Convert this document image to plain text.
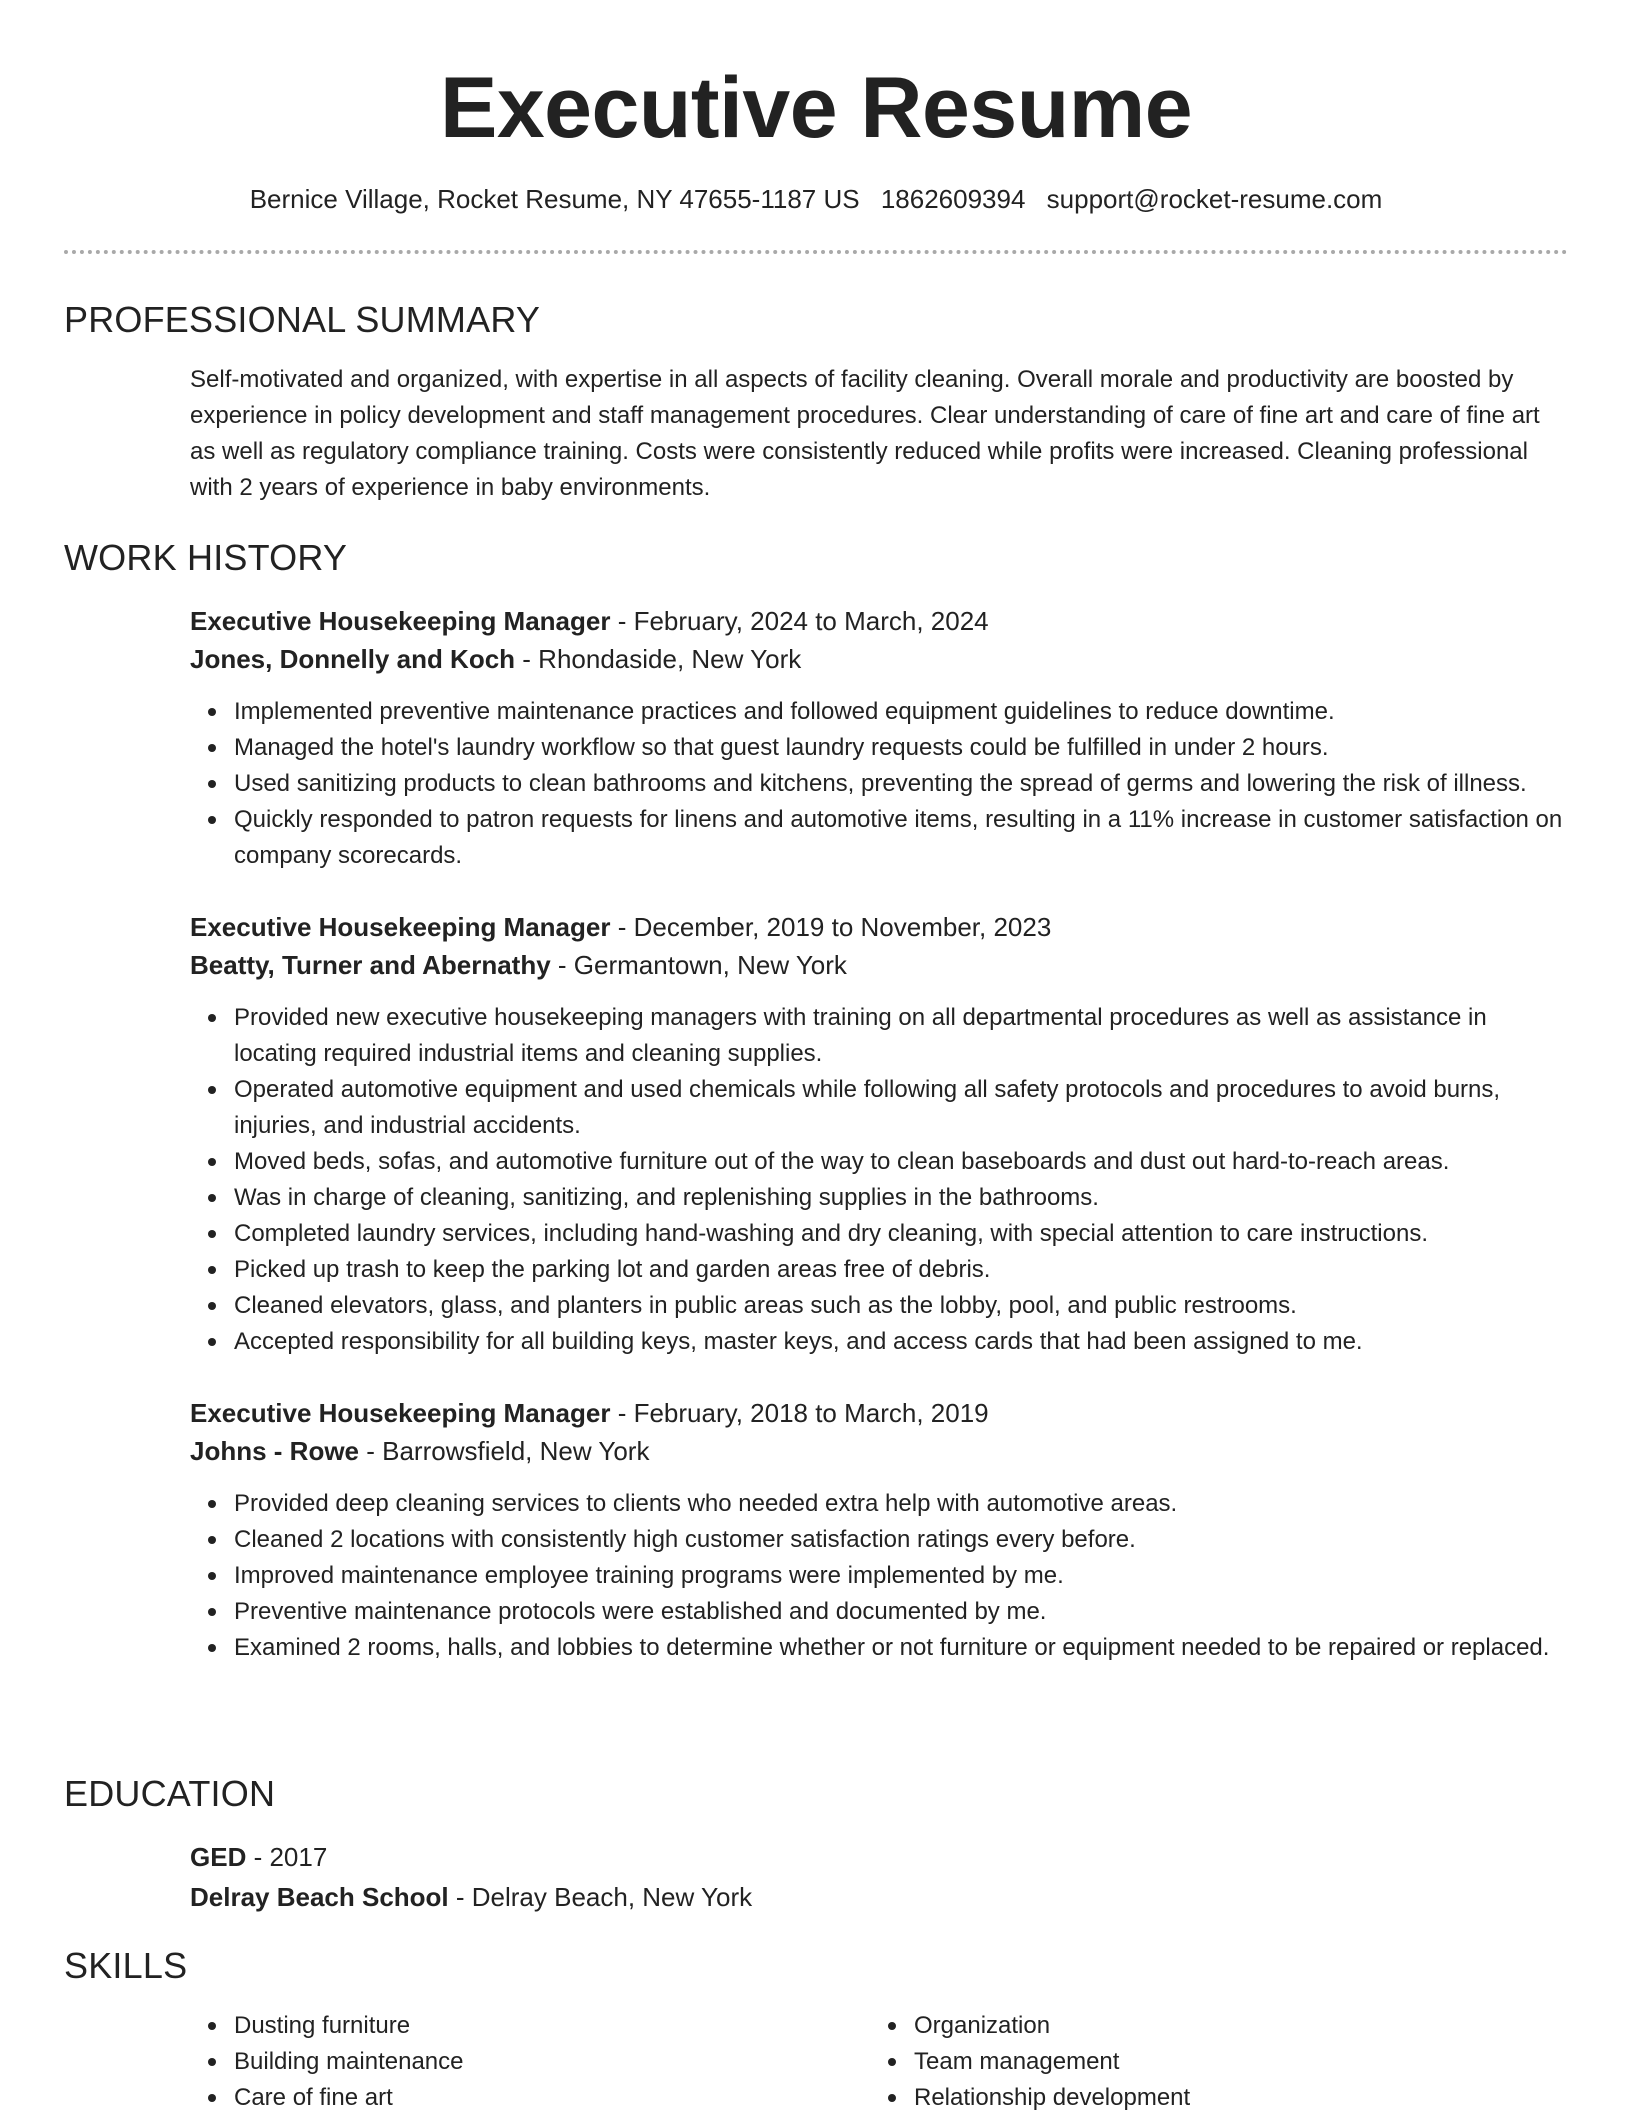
Executive Resume
Bernice Village, Rocket Resume, NY 47655-1187 US 1862609394 support@rocket-resume.com
PROFESSIONAL SUMMARY
Self-motivated and organized, with expertise in all aspects of facility cleaning. Overall morale and productivity are boosted by experience in policy development and staff management procedures. Clear understanding of care of fine art and care of fine art as well as regulatory compliance training. Costs were consistently reduced while profits were increased. Cleaning professional with 2 years of experience in baby environments.
WORK HISTORY
Executive Housekeeping Manager - February, 2024 to March, 2024
Jones, Donnelly and Koch - Rhondaside, New York
Implemented preventive maintenance practices and followed equipment guidelines to reduce downtime.
Managed the hotel's laundry workflow so that guest laundry requests could be fulfilled in under 2 hours.
Used sanitizing products to clean bathrooms and kitchens, preventing the spread of germs and lowering the risk of illness.
Quickly responded to patron requests for linens and automotive items, resulting in a 11% increase in customer satisfaction on company scorecards.
Executive Housekeeping Manager - December, 2019 to November, 2023
Beatty, Turner and Abernathy - Germantown, New York
Provided new executive housekeeping managers with training on all departmental procedures as well as assistance in locating required industrial items and cleaning supplies.
Operated automotive equipment and used chemicals while following all safety protocols and procedures to avoid burns, injuries, and industrial accidents.
Moved beds, sofas, and automotive furniture out of the way to clean baseboards and dust out hard-to-reach areas.
Was in charge of cleaning, sanitizing, and replenishing supplies in the bathrooms.
Completed laundry services, including hand-washing and dry cleaning, with special attention to care instructions.
Picked up trash to keep the parking lot and garden areas free of debris.
Cleaned elevators, glass, and planters in public areas such as the lobby, pool, and public restrooms.
Accepted responsibility for all building keys, master keys, and access cards that had been assigned to me.
Executive Housekeeping Manager - February, 2018 to March, 2019
Johns - Rowe - Barrowsfield, New York
Provided deep cleaning services to clients who needed extra help with automotive areas.
Cleaned 2 locations with consistently high customer satisfaction ratings every before.
Improved maintenance employee training programs were implemented by me.
Preventive maintenance protocols were established and documented by me.
Examined 2 rooms, halls, and lobbies to determine whether or not furniture or equipment needed to be repaired or replaced.
EDUCATION
GED - 2017
Delray Beach School - Delray Beach, New York
SKILLS
Dusting furniture
Building maintenance
Care of fine art
Organization
Team management
Relationship development
